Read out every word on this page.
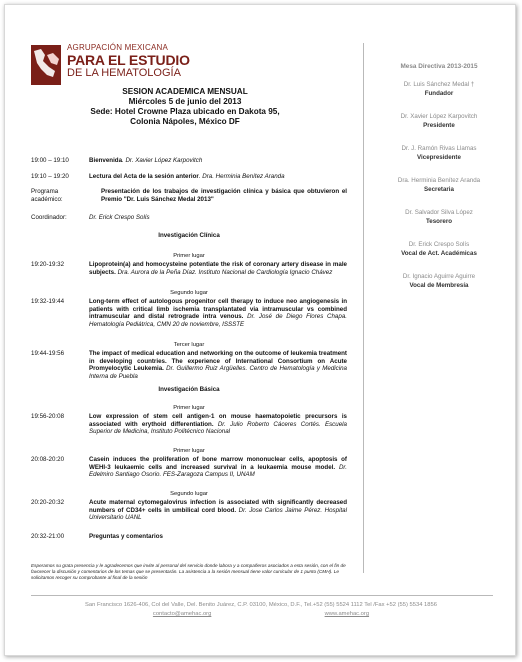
AGRUPACIÓN MEXICANA
PARA EL ESTUDIO
DE LA HEMATOLOGÍA
SESION ACADEMICA MENSUAL
Miércoles 5 de junio del 2013
Sede: Hotel Crowne Plaza ubicado en Dakota 95,
Colonia Nápoles, México DF
Mesa Directiva 2013-2015
Dr. Luis Sánchez Medal †
Fundador
Dr. Xavier López Karpovitch
Presidente
Dr. J. Ramón Rivas Llamas
Vicepresidente
Dra. Herminia Benítez Aranda
Secretaria
Dr. Salvador Silva López
Tesorero
Dr. Erick Crespo Solís
Vocal de Act. Académicas
Dr. Ignacio Aguirre Aguirre
Vocal de Membresía
19:00 – 19:10	Bienvenida. Dr. Xavier López Karpovitch
19:10 – 19:20	Lectura del Acta de la sesión anterior. Dra. Herminia Benítez Aranda
Programa académico:
Presentación de los trabajos de investigación clínica y básica que obtuvieron el Premio "Dr. Luis Sánchez Medal 2013"
Coordinador:	Dr. Erick Crespo Solís
Investigación Clínica
Primer lugar
19:20-19:32	Lipoprotein(a) and homocysteine potentiate the risk of coronary artery disease in male subjects. Dra. Aurora de la Peña Díaz. Instituto Nacional de Cardiología Ignacio Chávez
Segundo lugar
19:32-19:44	Long-term effect of autologous progenitor cell therapy to induce neo angiogenesis in patients with critical limb ischemia transplantated via intramuscular vs combined intramuscular and distal retrograde intra venous. Dr. José de Diego Flores Chapa. Hematología Pediátrica, CMN 20 de noviembre, ISSSTE
Tercer lugar
19:44-19:56	The impact of medical education and networking on the outcome of leukemia treatment in developing countries. The experience of International Consortium on Acute Promyelocytic Leukemia. Dr. Guillermo Ruiz Argüelles. Centro de Hematología y Medicina Interna de Puebla
Investigación Básica
Primer lugar
19:56-20:08	Low expression of stem cell antigen-1 on mouse haematopoietic precursors is associated with erythoid differentiation. Dr. Julio Roberto Cáceres Cortés. Escuela Superior de Medicina, Instituto Politécnico Nacional
Primer lugar
20:08-20:20	Casein induces the proliferation of bone marrow mononuclear cells, apoptosis of WEHI-3 leukaemic cells and increased survival in a leukaemia mouse model. Dr. Edelmiro Santiago Osorio. FES-Zaragoza Campus II, UNAM
Segundo lugar
20:20-20:32	Acute maternal cytomegalovirus infection is associated with significantly decreased numbers of CD34+ cells in umbilical cord blood. Dr. Jose Carlos Jaime Pérez. Hospital Universitario UANL
20:32-21:00	Preguntas y comentarios
Esperamos su grata presencia y le agradecemos que invite al personal del servicio donde labora y a compañeros asociados a esta sesión, con el fin de favorecer la discusión y comentarios de los temas que se presentarán. La asistencia a la sesión mensual tiene valor curricular de 1 punto (CMH). Le solicitamos recoger su comprobante al final de la sesión
San Francisco 1626-406, Col del Valle, Del. Benito Juárez, C.P. 03100, México, D.F., Tel.+52 (55) 5524 1112 Tel /Fax +52 (55) 5534 1856
contacto@amehac.org	www.amehac.org
